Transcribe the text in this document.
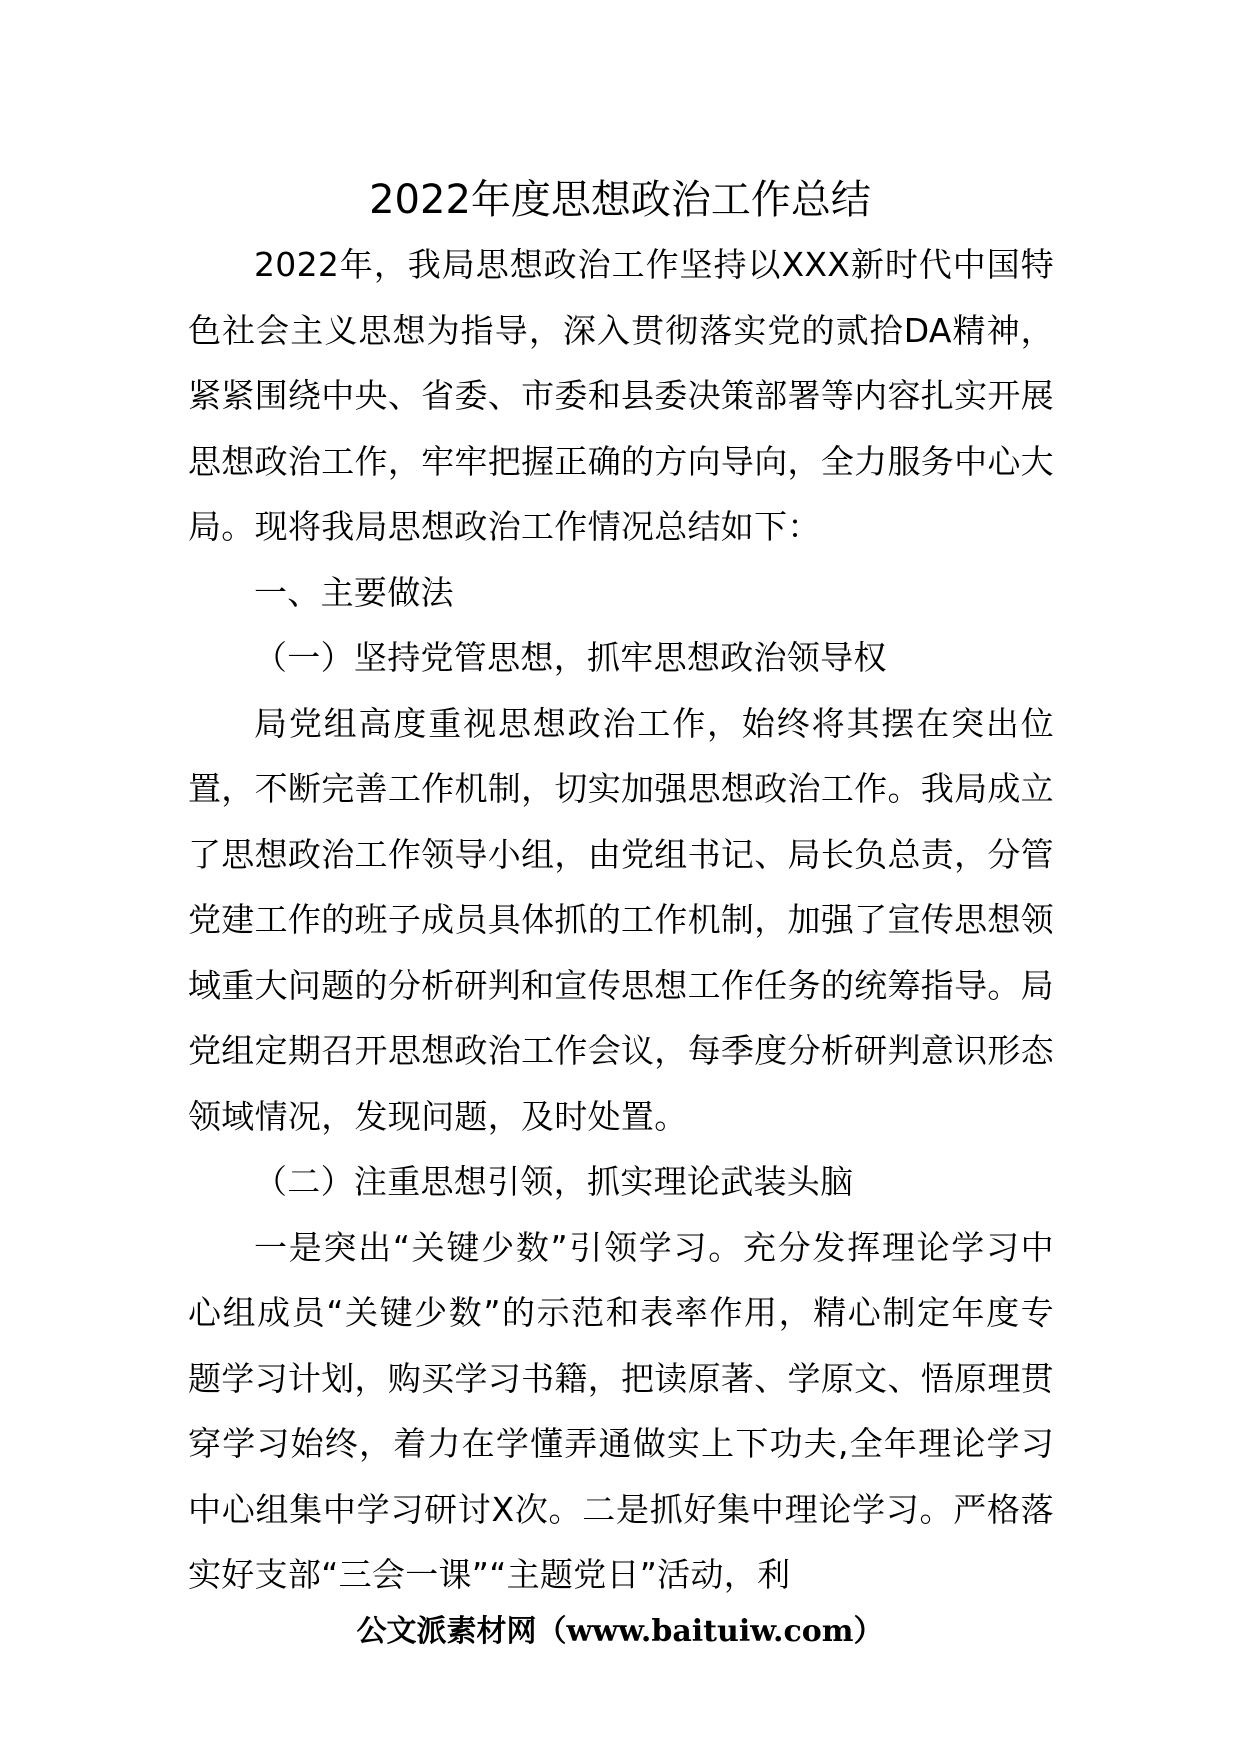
2022年度思想政治工作总结

2022年，我局思想政治工作坚持以XXX新时代中国特色社会主义思想为指导，深入贯彻落实党的贰拾DA精神，紧紧围绕中央、省委、市委和县委决策部署等内容扎实开展思想政治工作，牢牢把握正确的方向导向，全力服务中心大局。现将我局思想政治工作情况总结如下：

一、主要做法

（一）坚持党管思想，抓牢思想政治领导权

局党组高度重视思想政治工作，始终将其摆在突出位置，不断完善工作机制，切实加强思想政治工作。我局成立了思想政治工作领导小组，由党组书记、局长负总责，分管党建工作的班子成员具体抓的工作机制，加强了宣传思想领域重大问题的分析研判和宣传思想工作任务的统筹指导。局党组定期召开思想政治工作会议，每季度分析研判意识形态领域情况，发现问题，及时处置。

（二）注重思想引领，抓实理论武装头脑

一是突出“关键少数”引领学习。充分发挥理论学习中心组成员“关键少数”的示范和表率作用，精心制定年度专题学习计划，购买学习书籍，把读原著、学原文、悟原理贯穿学习始终，着力在学懂弄通做实上下功夫,全年理论学习中心组集中学习研讨X次。二是抓好集中理论学习。严格落实好支部“三会一课”“主题党日”活动，利

公文派素材网（www.baituiw.com）
